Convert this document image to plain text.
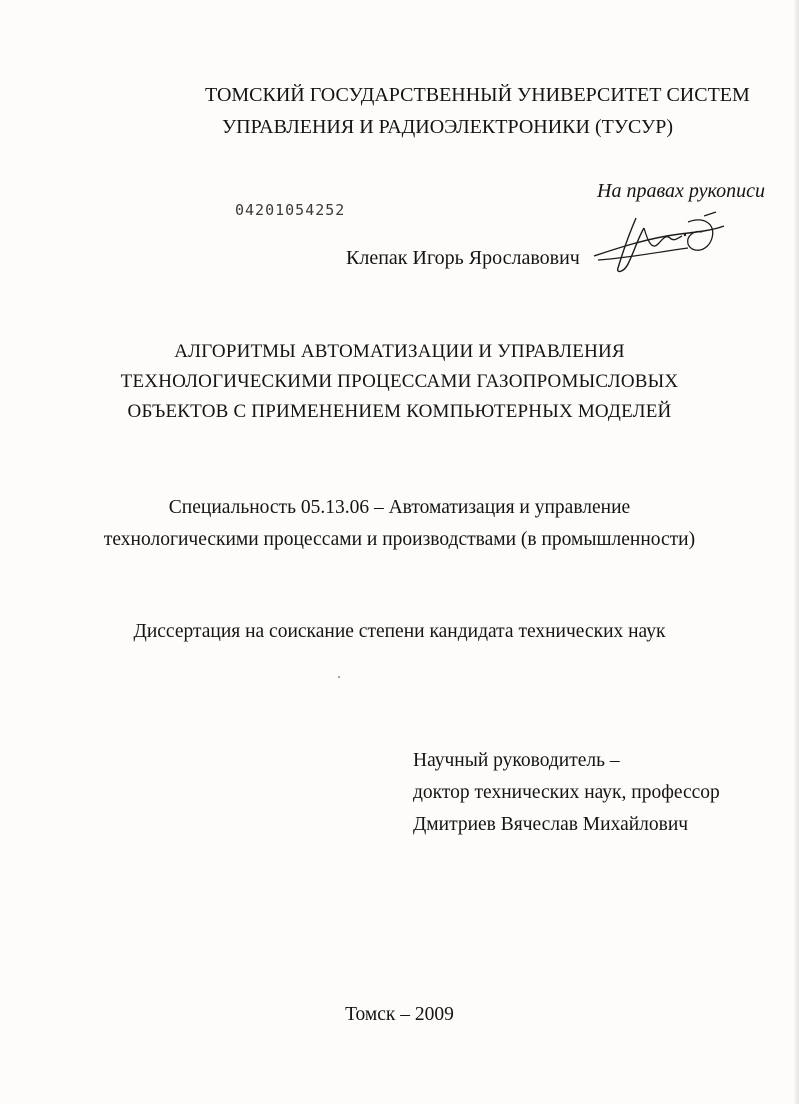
ТОМСКИЙ ГОСУДАРСТВЕННЫЙ УНИВЕРСИТЕТ СИСТЕМ
УПРАВЛЕНИЯ И РАДИОЭЛЕКТРОНИКИ (ТУСУР)
На правах рукописи
04201054252
Клепак Игорь Ярославович
АЛГОРИТМЫ АВТОМАТИЗАЦИИ И УПРАВЛЕНИЯ
ТЕХНОЛОГИЧЕСКИМИ ПРОЦЕССАМИ ГАЗОПРОМЫСЛОВЫХ
ОБЪЕКТОВ С ПРИМЕНЕНИЕМ КОМПЬЮТЕРНЫХ МОДЕЛЕЙ
Специальность 05.13.06 – Автоматизация и управление
технологическими процессами и производствами (в промышленности)
Диссертация на соискание степени кандидата технических наук
Научный руководитель –
доктор технических наук, профессор
Дмитриев Вячеслав Михайлович
Томск – 2009
